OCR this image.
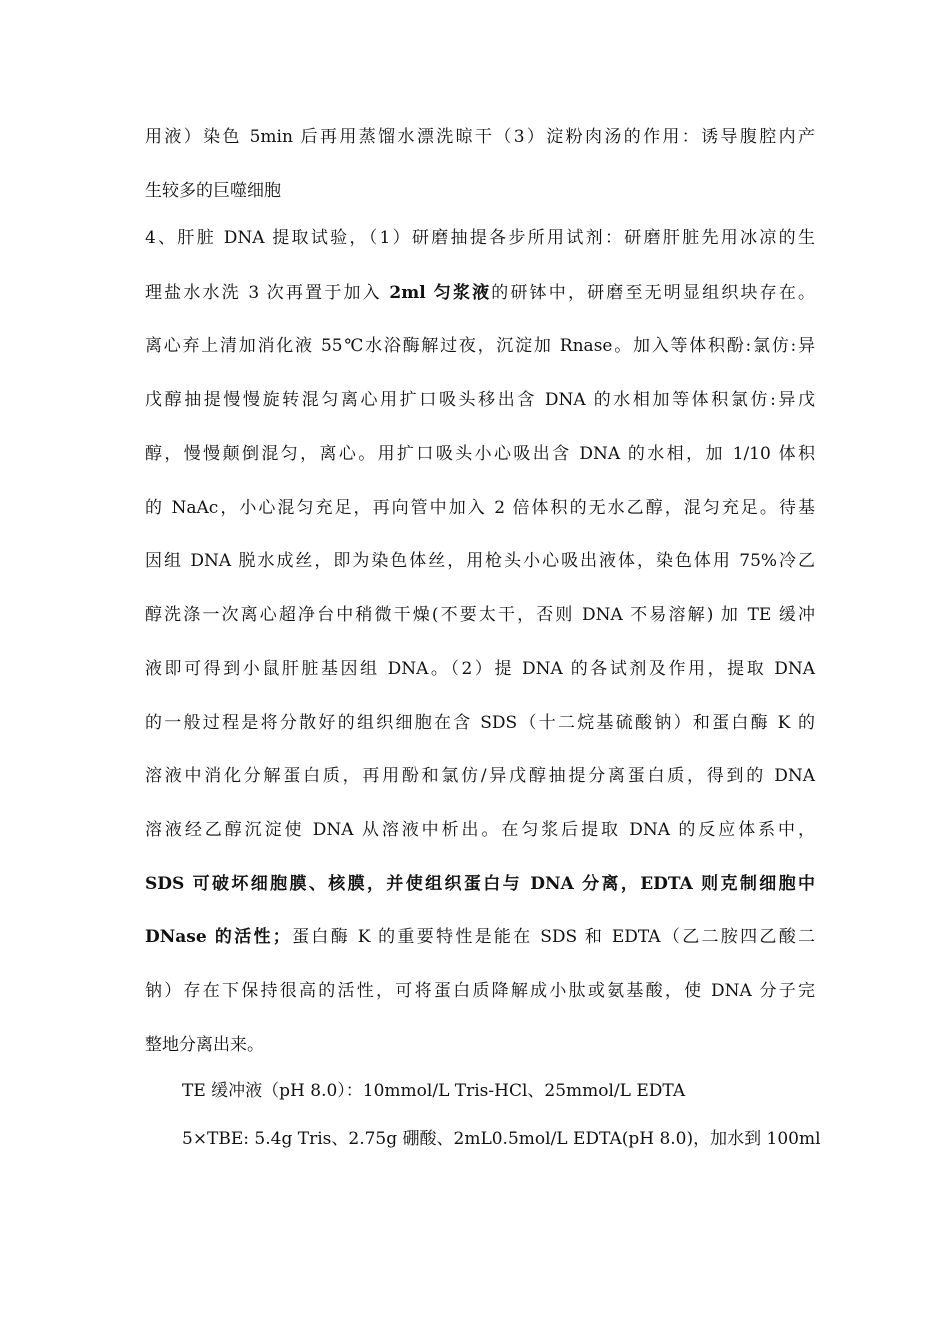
用液）染色 5min 后再用蒸馏水漂洗晾干（3）淀粉肉汤的作用：诱导腹腔内产
生较多的巨噬细胞
4、肝脏 DNA 提取试验，（1）研磨抽提各步所用试剂：研磨肝脏先用冰凉的生
理盐水水洗 3 次再置于加入 2ml 匀浆液的研钵中，研磨至无明显组织块存在。
离心弃上清加消化液 55℃水浴酶解过夜，沉淀加 Rnase。加入等体积酚:氯仿:异
戊醇抽提慢慢旋转混匀离心用扩口吸头移出含 DNA 的水相加等体积氯仿:异戊
醇，慢慢颠倒混匀，离心。用扩口吸头小心吸出含 DNA 的水相，加 1/10 体积
的 NaAc，小心混匀充足，再向管中加入 2 倍体积的无水乙醇，混匀充足。待基
因组 DNA 脱水成丝，即为染色体丝，用枪头小心吸出液体，染色体用 75%冷乙
醇洗涤一次离心超净台中稍微干燥(不要太干，否则 DNA 不易溶解) 加 TE 缓冲
液即可得到小鼠肝脏基因组 DNA。（2）提 DNA 的各试剂及作用，提取 DNA
的一般过程是将分散好的组织细胞在含 SDS（十二烷基硫酸钠）和蛋白酶 K 的
溶液中消化分解蛋白质，再用酚和氯仿/异戊醇抽提分离蛋白质，得到的 DNA
溶液经乙醇沉淀使 DNA 从溶液中析出。在匀浆后提取 DNA 的反应体系中，
SDS 可破坏细胞膜、核膜，并使组织蛋白与 DNA 分离，EDTA 则克制细胞中
DNase 的活性；蛋白酶 K 的重要特性是能在 SDS 和 EDTA（乙二胺四乙酸二
钠）存在下保持很高的活性，可将蛋白质降解成小肽或氨基酸，使 DNA 分子完
整地分离出来。
TE 缓冲液（pH 8.0）：10mmol/L Tris-HCl、25mmol/L EDTA
5×TBE: 5.4g Tris、2.75g 硼酸、2mL0.5mol/L EDTA(pH 8.0)，加水到 100ml
